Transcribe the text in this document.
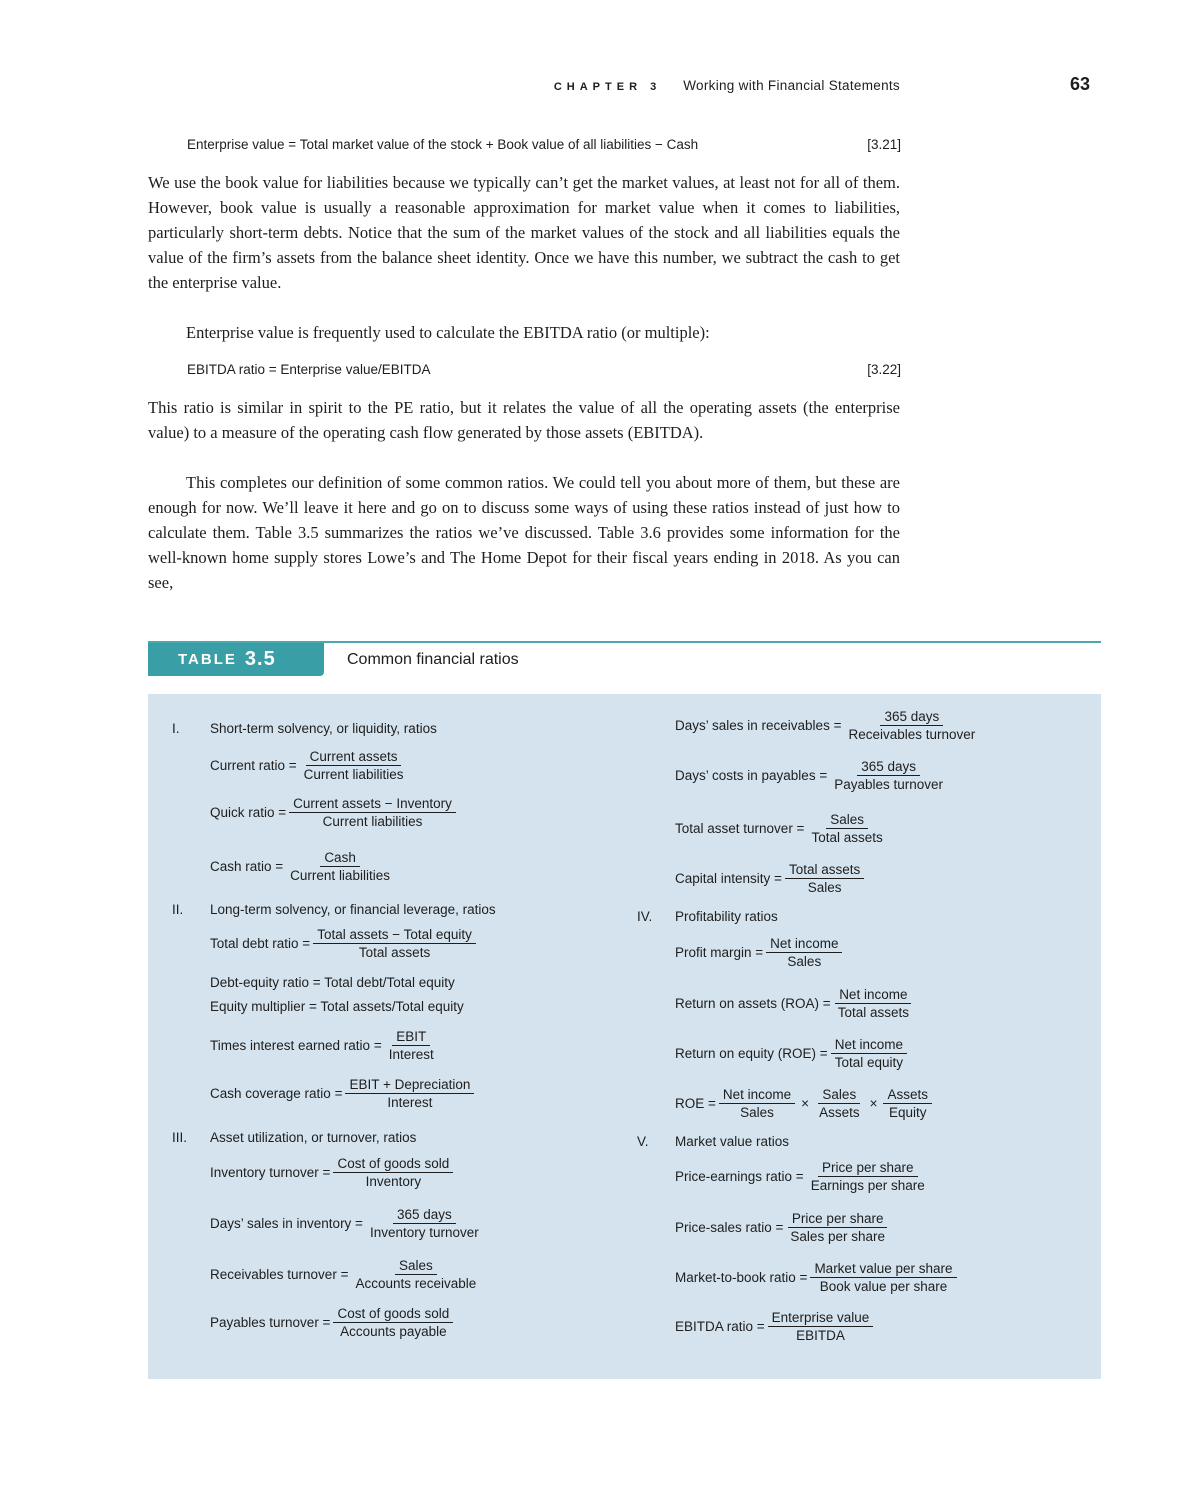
CHAPTER 3 Working with Financial Statements	63
Enterprise value = Total market value of the stock + Book value of all liabilities − Cash	[3.21]

We use the book value for liabilities because we typically can’t get the market values, at least not for all of them. However, book value is usually a reasonable approximation for market value when it comes to liabilities, particularly short-term debts. Notice that the sum of the market values of the stock and all liabilities equals the value of the firm’s assets from the balance sheet identity. Once we have this number, we subtract the cash to get the enterprise value.

Enterprise value is frequently used to calculate the EBITDA ratio (or multiple):

EBITDA ratio = Enterprise value/EBITDA	[3.22]

This ratio is similar in spirit to the PE ratio, but it relates the value of all the operating assets (the enterprise value) to a measure of the operating cash flow generated by those assets (EBITDA).

This completes our definition of some common ratios. We could tell you about more of them, but these are enough for now. We’ll leave it here and go on to discuss some ways of using these ratios instead of just how to calculate them. Table 3.5 summarizes the ratios we’ve discussed. Table 3.6 provides some information for the well-known home supply stores Lowe’s and The Home Depot for their fiscal years ending in 2018. As you can see,

TABLE 3.5	Common financial ratios
I. Short-term solvency, or liquidity, ratios
Current ratio = $\frac{\text{Current assets}}{\text{Current liabilities}}$
Quick ratio = $\frac{\text{Current assets − Inventory}}{\text{Current liabilities}}$
Cash ratio = $\frac{\text{Cash}}{\text{Current liabilities}}$
II. Long-term solvency, or financial leverage, ratios
Total debt ratio = $\frac{\text{Total assets − Total equity}}{\text{Total assets}}$
Debt-equity ratio = Total debt/Total equity
Equity multiplier = Total assets/Total equity
Times interest earned ratio = $\frac{\text{EBIT}}{\text{Interest}}$
Cash coverage ratio = $\frac{\text{EBIT + Depreciation}}{\text{Interest}}$
III. Asset utilization, or turnover, ratios
Inventory turnover = $\frac{\text{Cost of goods sold}}{\text{Inventory}}$
Days’ sales in inventory = $\frac{\text{365 days}}{\text{Inventory turnover}}$
Receivables turnover = $\frac{\text{Sales}}{\text{Accounts receivable}}$
Payables turnover = $\frac{\text{Cost of goods sold}}{\text{Accounts payable}}$
Days’ sales in receivables = $\frac{\text{365 days}}{\text{Receivables turnover}}$
Days’ costs in payables = $\frac{\text{365 days}}{\text{Payables turnover}}$
Total asset turnover = $\frac{\text{Sales}}{\text{Total assets}}$
Capital intensity = $\frac{\text{Total assets}}{\text{Sales}}$
IV. Profitability ratios
Profit margin = $\frac{\text{Net income}}{\text{Sales}}$
Return on assets $(ROA) = \frac{\text{Net income}}{\text{Total assets}}$
Return on equity $(ROE) = \frac{\text{Net income}}{\text{Total equity}}$
ROE = $\frac{\text{Net income}}{\text{Sales}} \times \frac{\text{Sales}}{\text{Assets}} \times \frac{\text{Assets}}{\text{Equity}}$
V. Market value ratios
Price-earnings ratio = $\frac{\text{Price per share}}{\text{Earnings per share}}$
Price-sales ratio = $\frac{\text{Price per share}}{\text{Sales per share}}$
Market-to-book ratio = $\frac{\text{Market value per share}}{\text{Book value per share}}$
EBITDA ratio = $\frac{\text{Enterprise value}}{\text{EBITDA}}$
